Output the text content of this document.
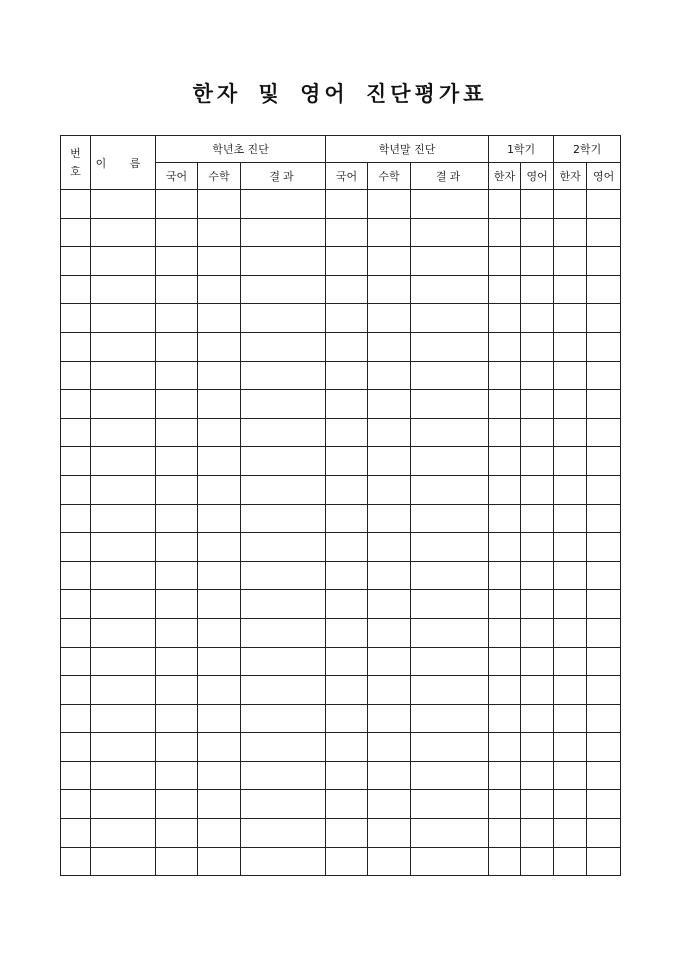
한자 및 영어 진단평가표
번
호	이 름	학년초 진단			학년말 진단			1학기		2학기	
		국어	수학	결과	국어	수학	결과	한자	영어	한자	영어
